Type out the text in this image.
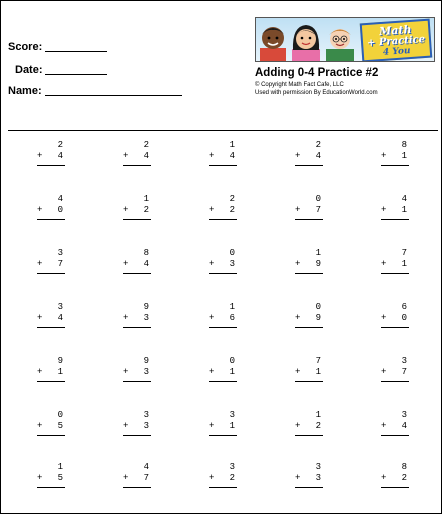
Score:
Date:
Name:
Math
+ Practice
4 You
Adding 0-4 Practice #2
© Copyright Math Fact Cafe, LLC
Used with permission By EducationWorld.com
2
+ 4
2
+ 4
1
+ 4
2
+ 4
8
+ 1
4
+ 0
1
+ 2
2
+ 2
0
+ 7
4
+ 1
3
+ 7
8
+ 4
0
+ 3
1
+ 9
7
+ 1
3
+ 4
9
+ 3
1
+ 6
0
+ 9
6
+ 0
9
+ 1
9
+ 3
0
+ 1
7
+ 1
3
+ 7
0
+ 5
3
+ 3
3
+ 1
1
+ 2
3
+ 4
1
+ 5
4
+ 7
3
+ 2
3
+ 3
8
+ 2
